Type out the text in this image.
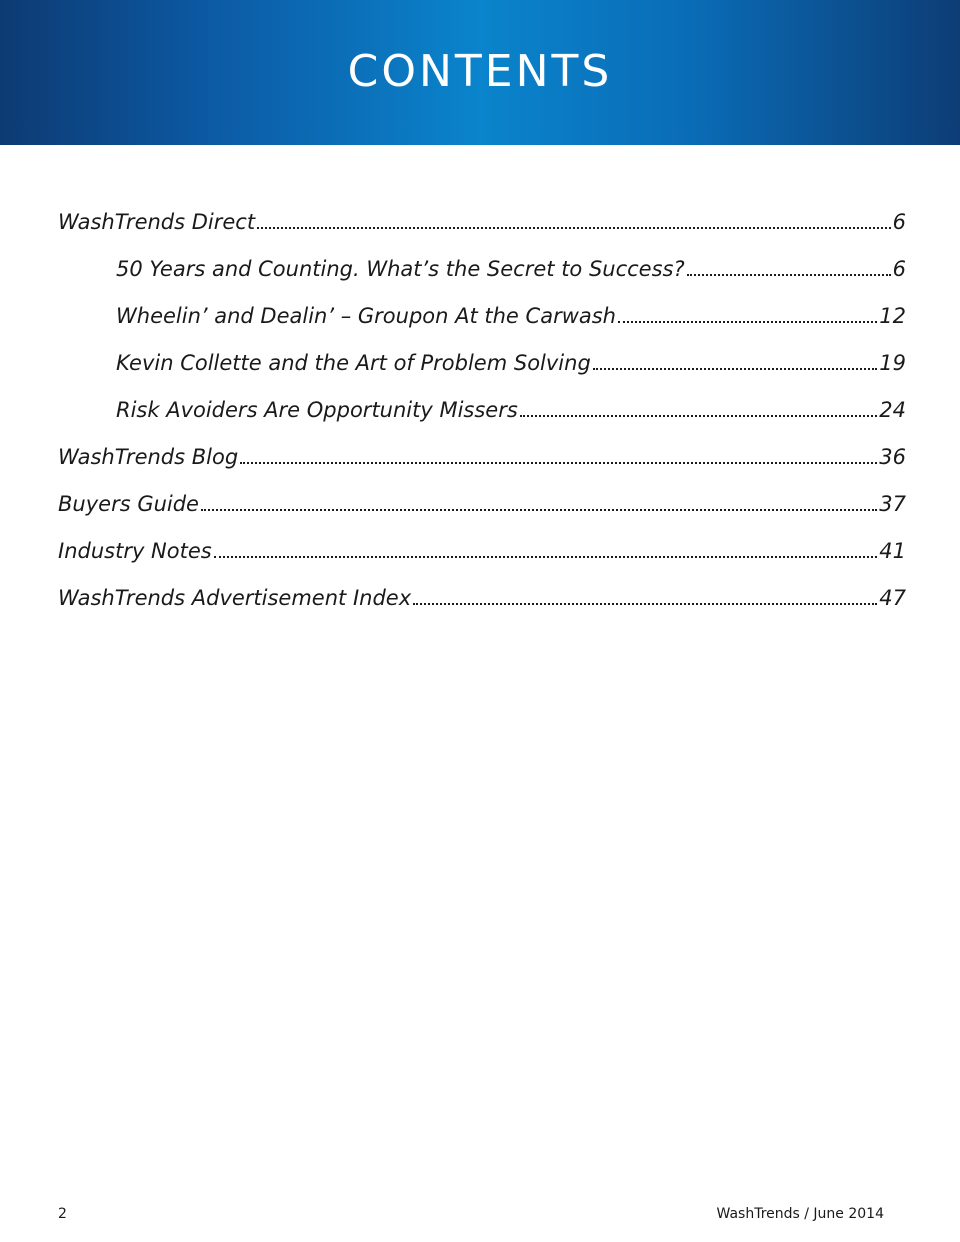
CONTENTS
WashTrends Direct	6
50 Years and Counting. What’s the Secret to Success?	6
Wheelin’ and Dealin’ – Groupon At the Carwash	12
Kevin Collette and the Art of Problem Solving	19
Risk Avoiders Are Opportunity Missers	24
WashTrends Blog	36
Buyers Guide	37
Industry Notes	41
WashTrends Advertisement Index	47
2	WashTrends / June 2014
